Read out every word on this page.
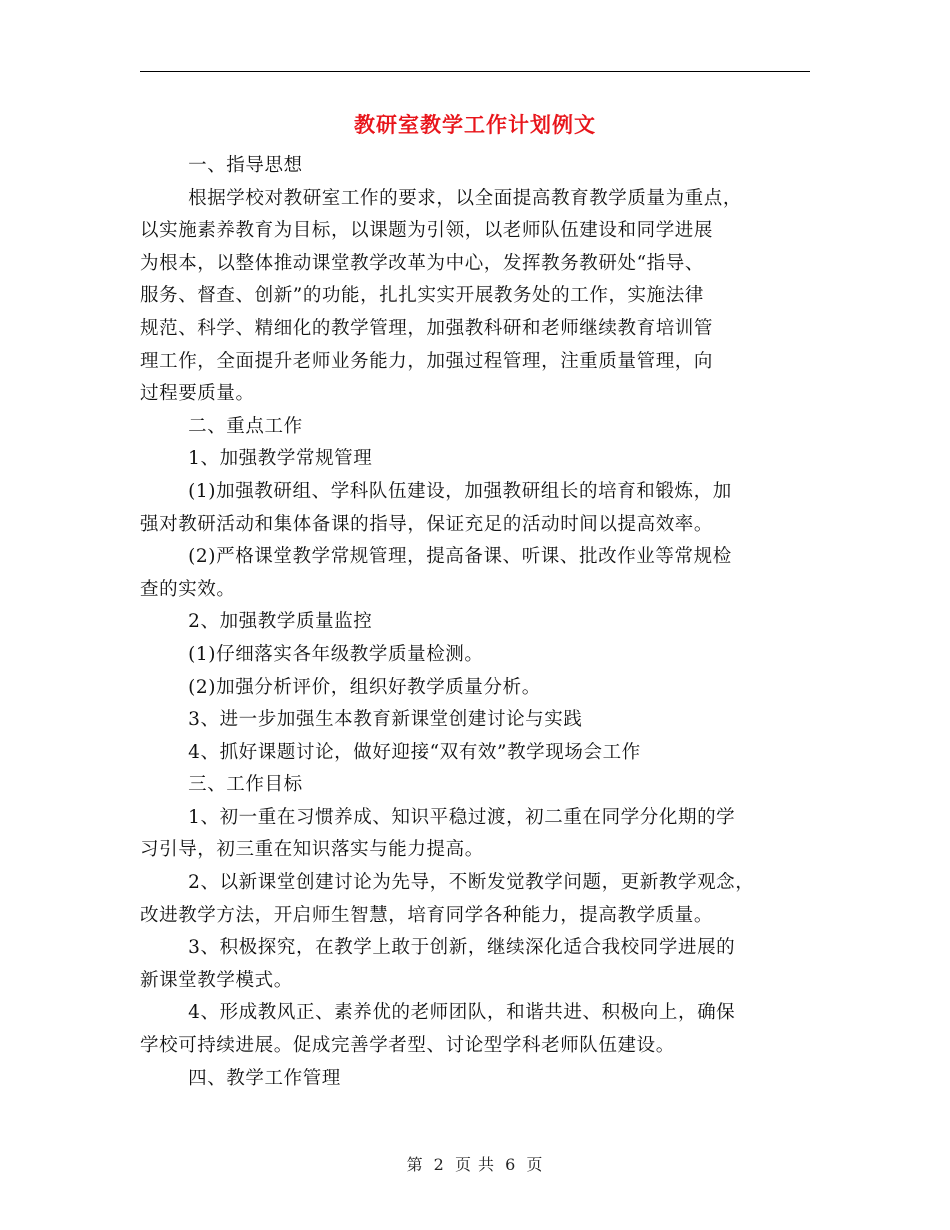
教研室教学工作计划例文

一、指导思想

根据学校对教研室工作的要求，以全面提高教育教学质量为重点，

以实施素养教育为目标，以课题为引领，以老师队伍建设和同学进展

为根本，以整体推动课堂教学改革为中心，发挥教务教研处“指导、

服务、督查、创新”的功能，扎扎实实开展教务处的工作，实施法律

规范、科学、精细化的教学管理，加强教科研和老师继续教育培训管

理工作，全面提升老师业务能力，加强过程管理，注重质量管理，向

过程要质量。

二、重点工作

1、加强教学常规管理

(1)加强教研组、学科队伍建设，加强教研组长的培育和锻炼，加

强对教研活动和集体备课的指导，保证充足的活动时间以提高效率。

(2)严格课堂教学常规管理，提高备课、听课、批改作业等常规检

查的实效。

2、加强教学质量监控

(1)仔细落实各年级教学质量检测。

(2)加强分析评价，组织好教学质量分析。

3、进一步加强生本教育新课堂创建讨论与实践

4、抓好课题讨论，做好迎接“双有效”教学现场会工作

三、工作目标

1、初一重在习惯养成、知识平稳过渡，初二重在同学分化期的学

习引导，初三重在知识落实与能力提高。

2、以新课堂创建讨论为先导，不断发觉教学问题，更新教学观念，

改进教学方法，开启师生智慧，培育同学各种能力，提高教学质量。

3、积极探究，在教学上敢于创新，继续深化适合我校同学进展的

新课堂教学模式。

4、形成教风正、素养优的老师团队，和谐共进、积极向上，确保

学校可持续进展。促成完善学者型、讨论型学科老师队伍建设。

四、教学工作管理

第 2 页 共 6 页
